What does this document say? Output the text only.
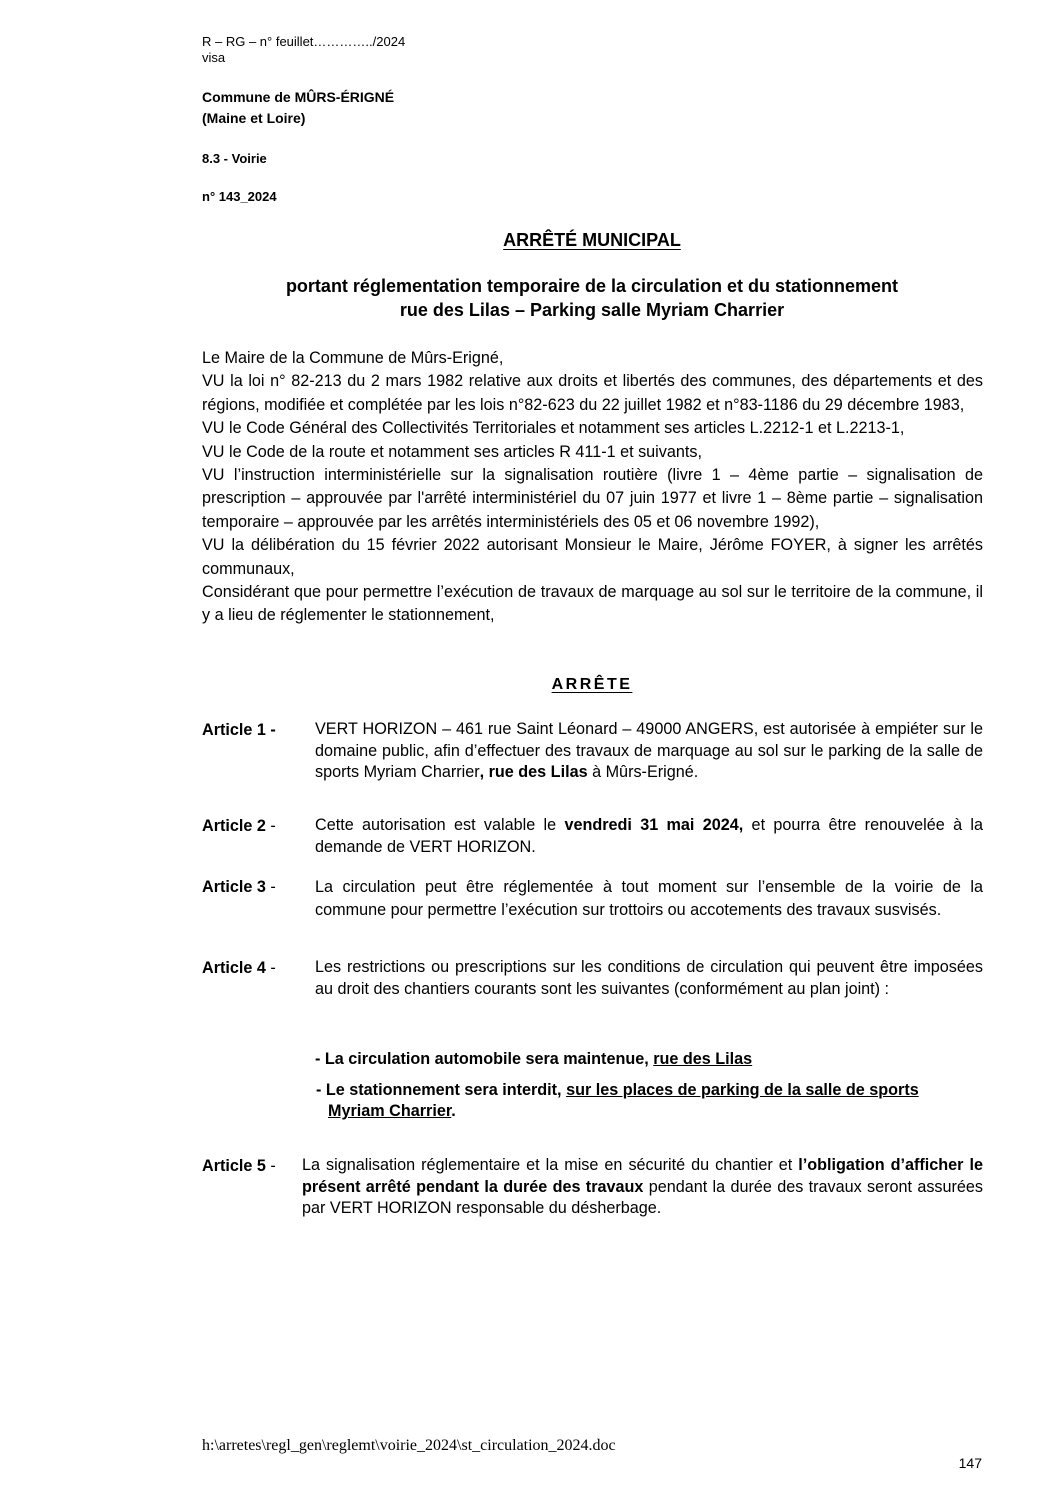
R – RG – n° feuillet…………../2024
visa
Commune de MÛRS-ÉRIGNÉ
(Maine et Loire)
8.3 - Voirie
n° 143_2024
ARRÊTÉ MUNICIPAL
portant réglementation temporaire de la circulation et du stationnement
rue des Lilas – Parking salle Myriam Charrier

Le Maire de la Commune de Mûrs-Erigné,

VU la loi n° 82-213 du 2 mars 1982 relative aux droits et libertés des communes, des départements et des régions, modifiée et complétée par les lois n°82-623 du 22 juillet 1982 et n°83-1186 du 29 décembre 1983,

VU le Code Général des Collectivités Territoriales et notamment ses articles L.2212-1 et L.2213-1,

VU le Code de la route et notamment ses articles R 411-1 et suivants,

VU l’instruction interministérielle sur la signalisation routière (livre 1 – 4ème partie – signalisation de prescription – approuvée par l'arrêté interministériel du 07 juin 1977 et livre 1 – 8ème partie – signalisation temporaire – approuvée par les arrêtés interministériels des 05 et 06 novembre 1992),

VU la délibération du 15 février 2022 autorisant Monsieur le Maire, Jérôme FOYER, à signer les arrêtés communaux,

Considérant que pour permettre l’exécution de travaux de marquage au sol sur le territoire de la commune, il y a lieu de réglementer le stationnement,

ARRÊTE
Article 1 - VERT HORIZON – 461 rue Saint Léonard – 49000 ANGERS, est autorisée à empiéter sur le domaine public, afin d’effectuer des travaux de marquage au sol sur le parking de la salle de sports Myriam Charrier, rue des Lilas à Mûrs-Erigné.
Article 2 - Cette autorisation est valable le vendredi 31 mai 2024, et pourra être renouvelée à la demande de VERT HORIZON.
Article 3 - La circulation peut être réglementée à tout moment sur l’ensemble de la voirie de la commune pour permettre l’exécution sur trottoirs ou accotements des travaux susvisés.
Article 4 - Les restrictions ou prescriptions sur les conditions de circulation qui peuvent être imposées au droit des chantiers courants sont les suivantes (conformément au plan joint) :
- La circulation automobile sera maintenue, rue des Lilas
- Le stationnement sera interdit, sur les places de parking de la salle de sports
Myriam Charrier.
Article 5 - La signalisation réglementaire et la mise en sécurité du chantier et l’obligation d’afficher le présent arrêté pendant la durée des travaux pendant la durée des travaux seront assurées par VERT HORIZON responsable du désherbage.
h:\arretes\regl_gen\reglemt\voirie_2024\st_circulation_2024.doc
147
